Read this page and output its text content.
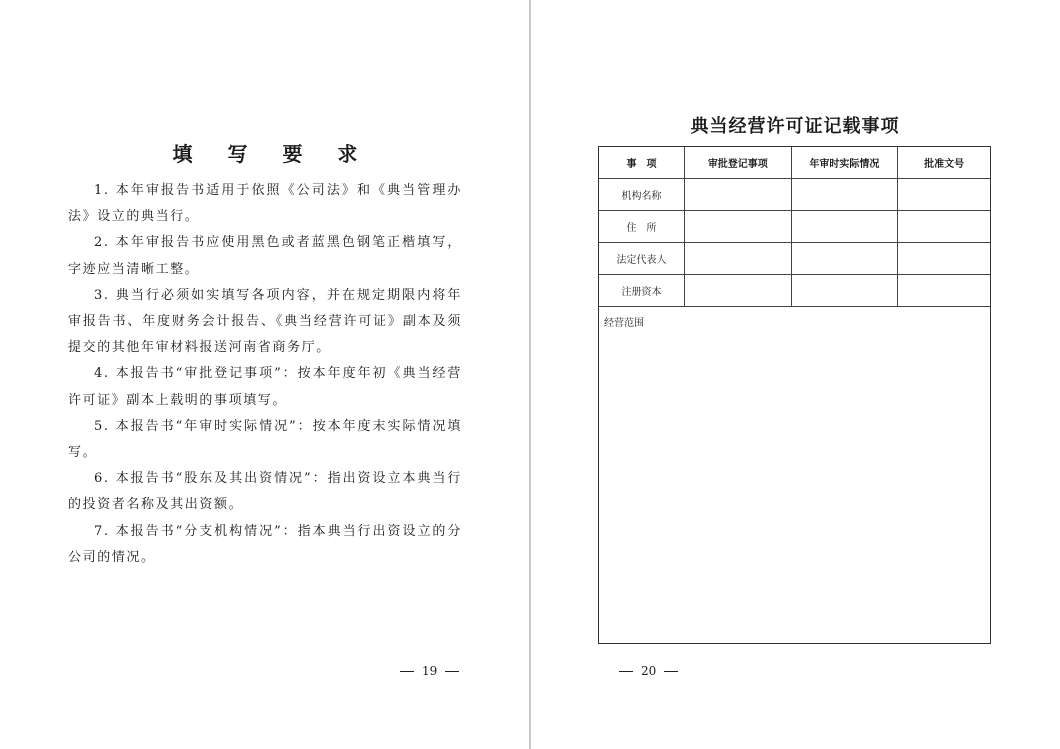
填 写 要 求

1. 本年审报告书适用于依照《公司法》和《典当管理办法》设立的典当行。

2. 本年审报告书应使用黑色或者蓝黑色钢笔正楷填写，字迹应当清晰工整。

3. 典当行必须如实填写各项内容，并在规定期限内将年审报告书、年度财务会计报告、《典当经营许可证》副本及须提交的其他年审材料报送河南省商务厅。

4. 本报告书“审批登记事项”：按本年度年初《典当经营许可证》副本上载明的事项填写。

5. 本报告书“年审时实际情况”：按本年度末实际情况填写。

6. 本报告书“股东及其出资情况”：指出资设立本典当行的投资者名称及其出资额。

7. 本报告书“分支机构情况”：指本典当行出资设立的分公司的情况。

19
典当经营许可证记载事项
事　项	审批登记事项	年审时实际情况	批准文号
机构名称			
住　所			
法定代表人			
注册资本			
经营范围
20
